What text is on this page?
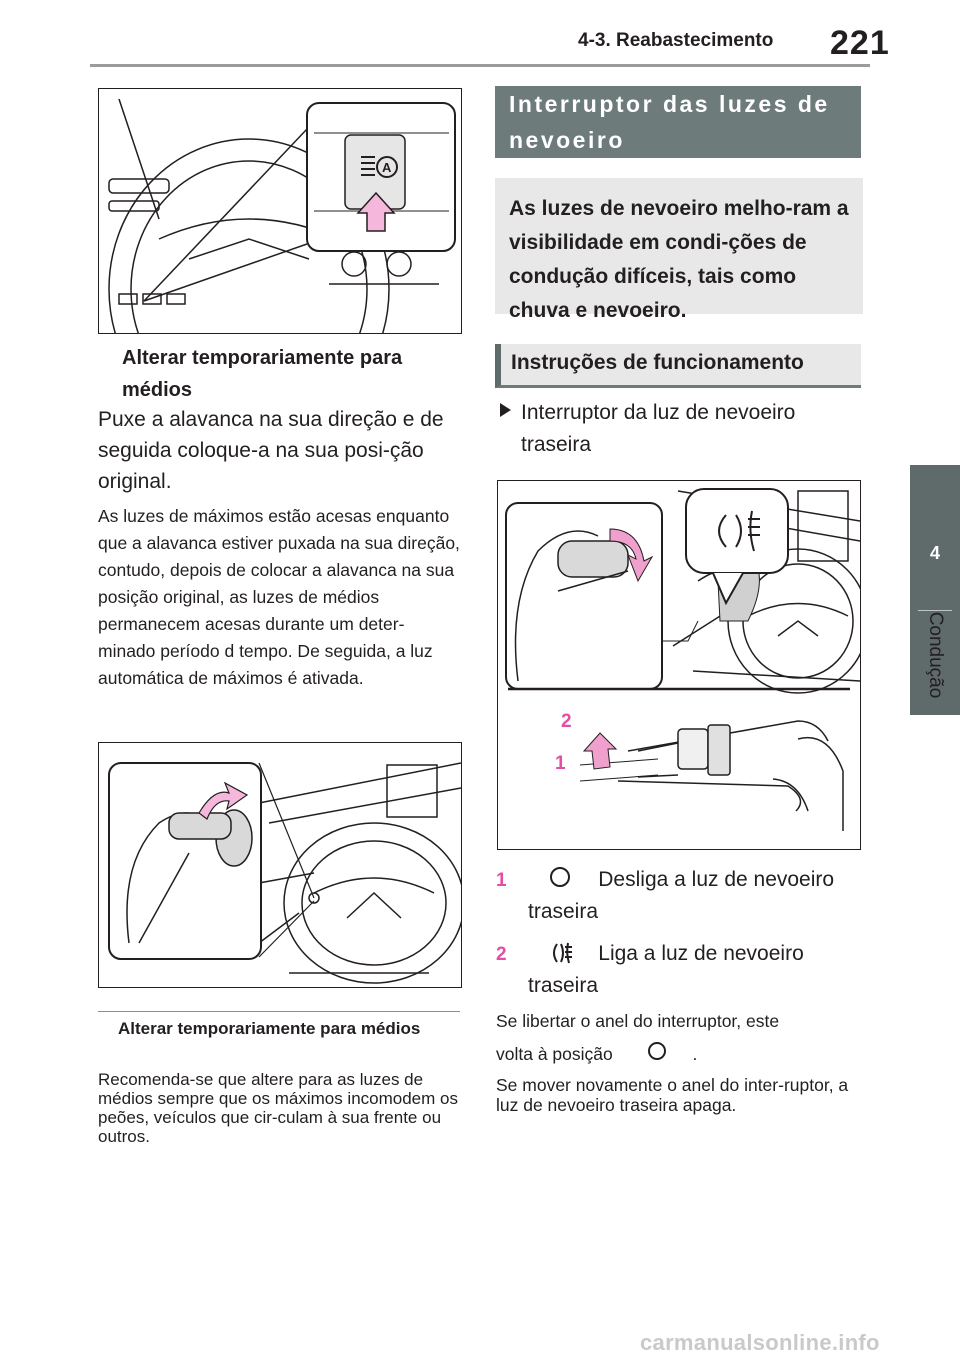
4-3. Reabastecimento 221
4
Condução
A
Alterar temporariamente para médios
Puxe a alavanca na sua direção e de seguida coloque-a na sua posi-ção original.
As luzes de máximos estão acesas enquanto que a alavanca estiver puxada na sua direção, contudo, depois de colocar a alavanca na sua posição original, as luzes de médios permanecem acesas durante um deter-minado período d tempo. De seguida, a luz automática de máximos é ativada.
Alterar temporariamente para médios
Recomenda-se que altere para as luzes de médios sempre que os máximos incomodem os peões, veículos que cir-culam à sua frente ou outros.
Interruptor das luzes de nevoeiro
As luzes de nevoeiro melho-ram a visibilidade em condi-ções de condução difíceis, tais como chuva e nevoeiro.
Instruções de funcionamento
Interruptor da luz de nevoeiro traseira
2
1
1	Desliga a luz de nevoeiro
traseira
2	Liga a luz de nevoeiro
traseira
Se libertar o anel do interruptor, este
volta à posição	.
Se mover novamente o anel do inter-ruptor, a luz de nevoeiro traseira apaga.
carmanualsonline.info
